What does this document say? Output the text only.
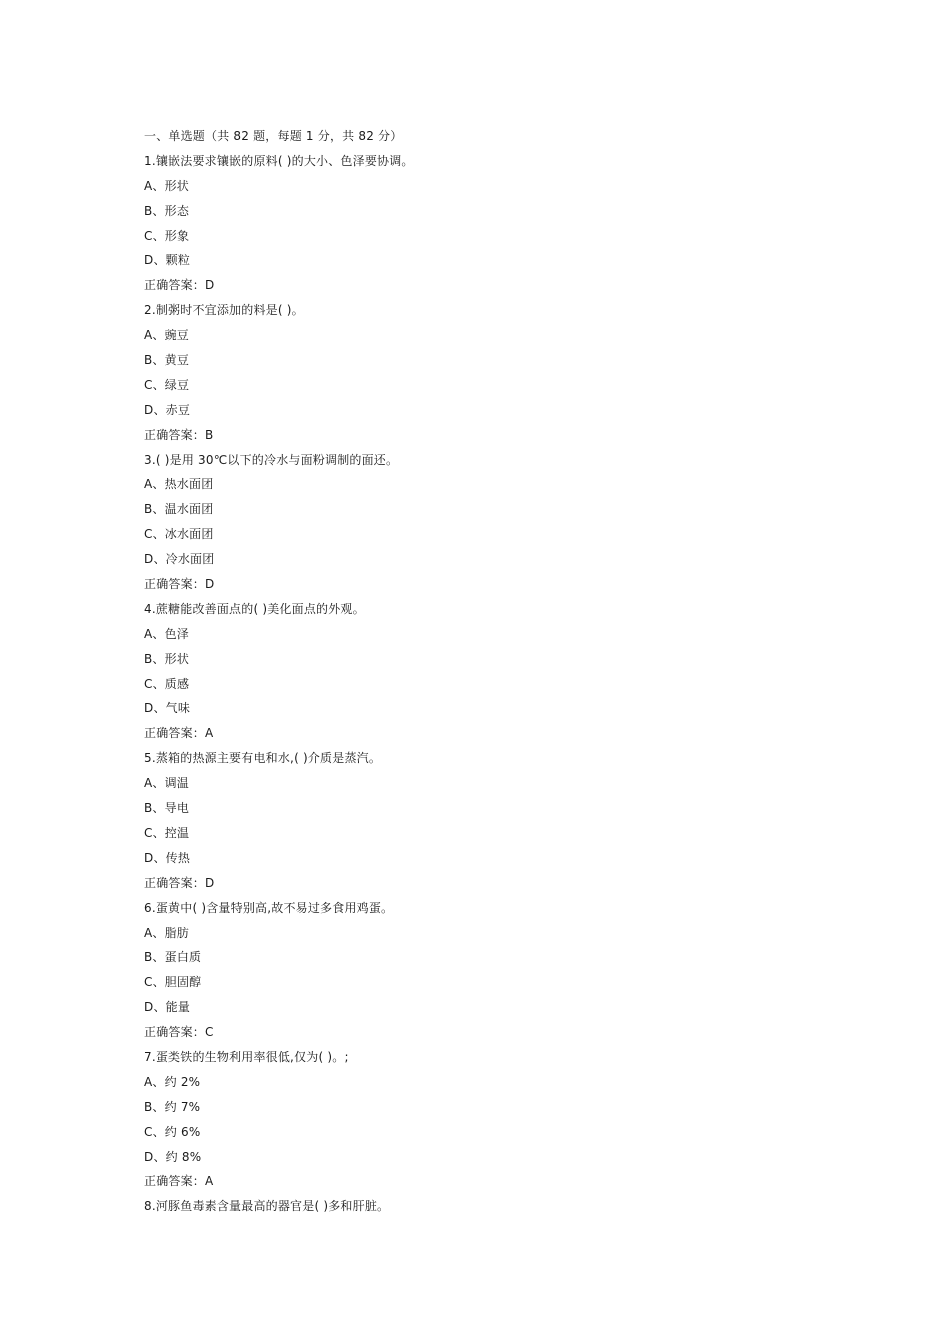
一、单选题（共 82 题，每题 1 分，共 82 分）
1.镶嵌法要求镶嵌的原料( )的大小、色泽要协调。
A、形状
B、形态
C、形象
D、颗粒
正确答案：D
2.制粥时不宜添加的料是( )。
A、豌豆
B、黄豆
C、绿豆
D、赤豆
正确答案：B
3.( )是用 30℃以下的冷水与面粉调制的面还。
A、热水面团
B、温水面团
C、冰水面团
D、冷水面团
正确答案：D
4.蔗糖能改善面点的( )美化面点的外观。
A、色泽
B、形状
C、质感
D、气味
正确答案：A
5.蒸箱的热源主要有电和水,( )介质是蒸汽。
A、调温
B、导电
C、控温
D、传热
正确答案：D
6.蛋黄中( )含量特别高,故不易过多食用鸡蛋。
A、脂肪
B、蛋白质
C、胆固醇
D、能量
正确答案：C
7.蛋类铁的生物利用率很低,仅为( )。;
A、约 2%
B、约 7%
C、约 6%
D、约 8%
正确答案：A
8.河豚鱼毒素含量最高的器官是( )多和肝脏。
